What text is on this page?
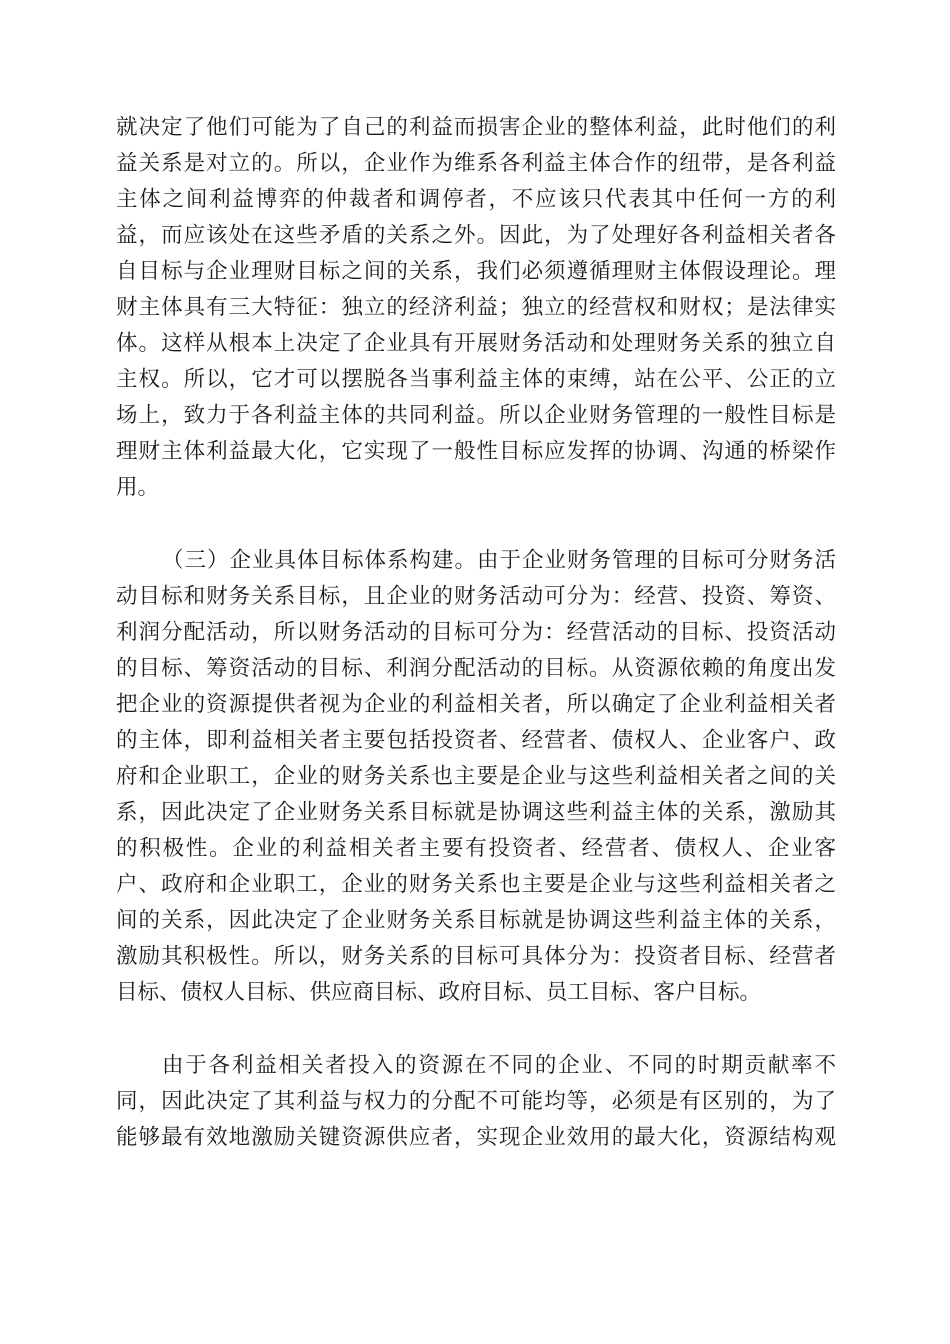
就决定了他们可能为了自己的利益而损害企业的整体利益，此时他们的利
益关系是对立的。所以，企业作为维系各利益主体合作的纽带，是各利益
主体之间利益博弈的仲裁者和调停者，不应该只代表其中任何一方的利
益，而应该处在这些矛盾的关系之外。因此，为了处理好各利益相关者各
自目标与企业理财目标之间的关系，我们必须遵循理财主体假设理论。理
财主体具有三大特征：独立的经济利益；独立的经营权和财权；是法律实
体。这样从根本上决定了企业具有开展财务活动和处理财务关系的独立自
主权。所以，它才可以摆脱各当事利益主体的束缚，站在公平、公正的立
场上，致力于各利益主体的共同利益。所以企业财务管理的一般性目标是
理财主体利益最大化，它实现了一般性目标应发挥的协调、沟通的桥梁作
用。
（三）企业具体目标体系构建。由于企业财务管理的目标可分财务活
动目标和财务关系目标，且企业的财务活动可分为：经营、投资、筹资、
利润分配活动，所以财务活动的目标可分为：经营活动的目标、投资活动
的目标、筹资活动的目标、利润分配活动的目标。从资源依赖的角度出发
把企业的资源提供者视为企业的利益相关者，所以确定了企业利益相关者
的主体，即利益相关者主要包括投资者、经营者、债权人、企业客户、政
府和企业职工，企业的财务关系也主要是企业与这些利益相关者之间的关
系，因此决定了企业财务关系目标就是协调这些利益主体的关系，激励其
的积极性。企业的利益相关者主要有投资者、经营者、债权人、企业客
户、政府和企业职工，企业的财务关系也主要是企业与这些利益相关者之
间的关系，因此决定了企业财务关系目标就是协调这些利益主体的关系，
激励其积极性。所以，财务关系的目标可具体分为：投资者目标、经营者
目标、债权人目标、供应商目标、政府目标、员工目标、客户目标。
由于各利益相关者投入的资源在不同的企业、不同的时期贡献率不
同，因此决定了其利益与权力的分配不可能均等，必须是有区别的，为了
能够最有效地激励关键资源供应者，实现企业效用的最大化，资源结构观
